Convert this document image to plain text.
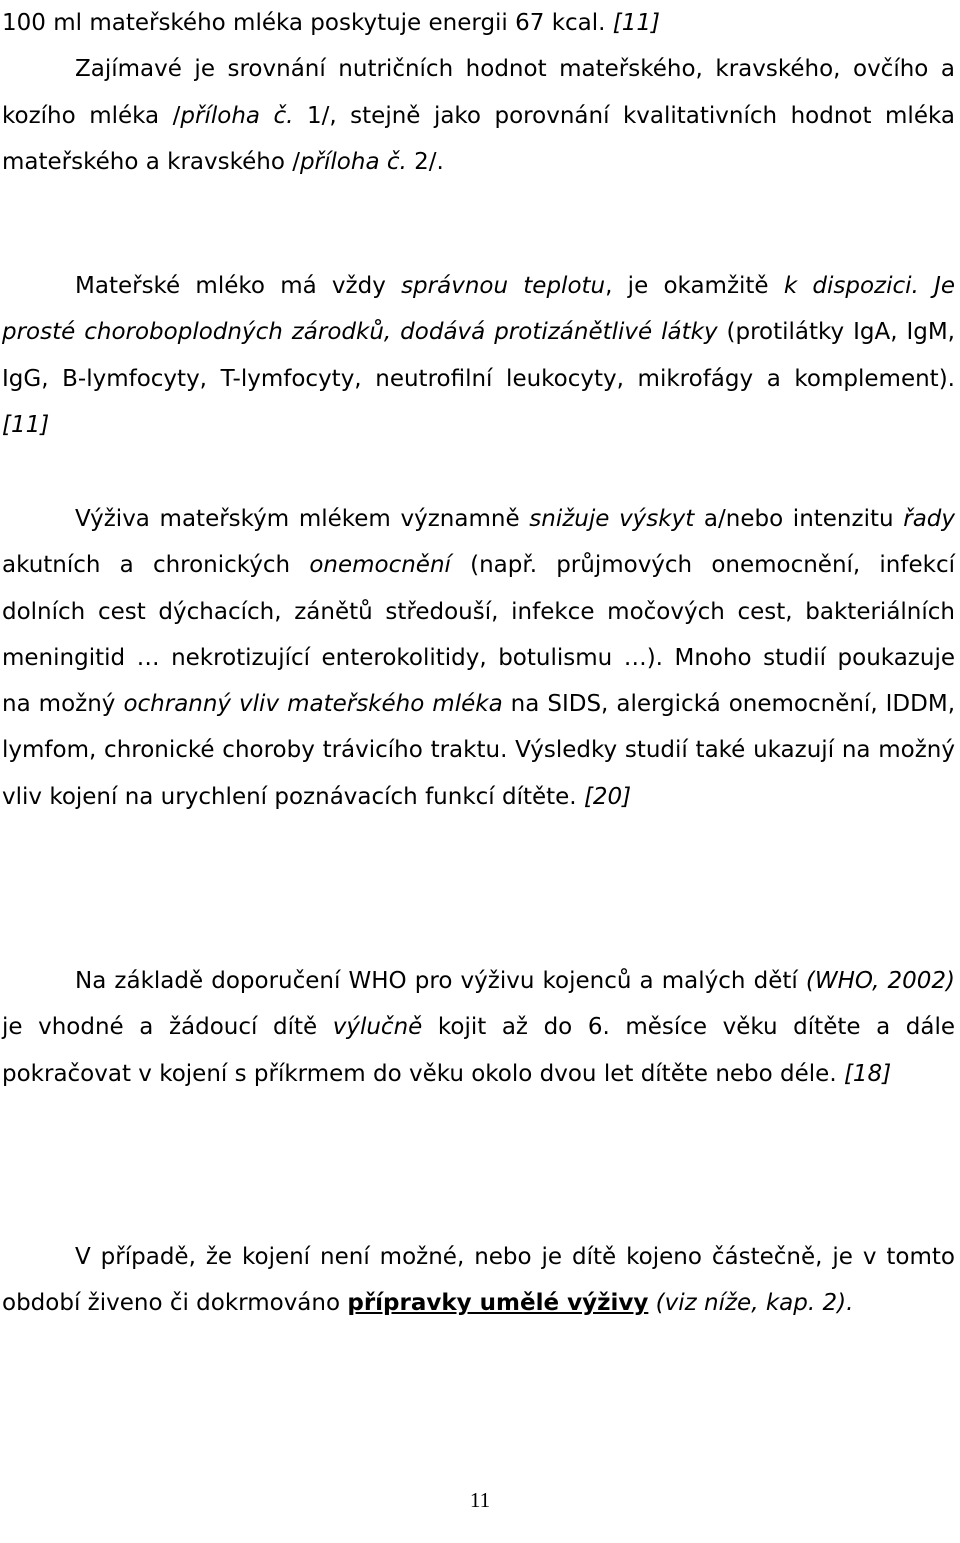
100 ml mateřského mléka poskytuje energii 67 kcal. [11]
Zajímavé je srovnání nutričních hodnot mateřského, kravského, ovčího a kozího mléka /příloha č. 1/, stejně jako porovnání kvalitativních hodnot mléka mateřského a kravského /příloha č. 2/.

Mateřské mléko má vždy správnou teplotu, je okamžitě k dispozici. Je prosté choroboplodných zárodků, dodává protizánětlivé látky (protilátky IgA, IgM, IgG, B-lymfocyty, T-lymfocyty, neutrofilní leukocyty, mikrofágy a komplement). [11]

Výživa mateřským mlékem významně snižuje výskyt a/nebo intenzitu řady akutních a chronických onemocnění (např. průjmových onemocnění, infekcí dolních cest dýchacích, zánětů středouší, infekce močových cest, bakteriálních meningitid … nekrotizující enterokolitidy, botulismu …). Mnoho studií poukazuje na možný ochranný vliv mateřského mléka na SIDS, alergická onemocnění, IDDM, lymfom, chronické choroby trávicího traktu. Výsledky studií také ukazují na možný vliv kojení na urychlení poznávacích funkcí dítěte. [20]

Na základě doporučení WHO pro výživu kojenců a malých dětí (WHO, 2002) je vhodné a žádoucí dítě výlučně kojit až do 6. měsíce věku dítěte a dále pokračovat v kojení s příkrmem do věku okolo dvou let dítěte nebo déle. [18]

V případě, že kojení není možné, nebo je dítě kojeno částečně, je v tomto období živeno či dokrmováno přípravky umělé výživy (viz níže, kap. 2).

11
